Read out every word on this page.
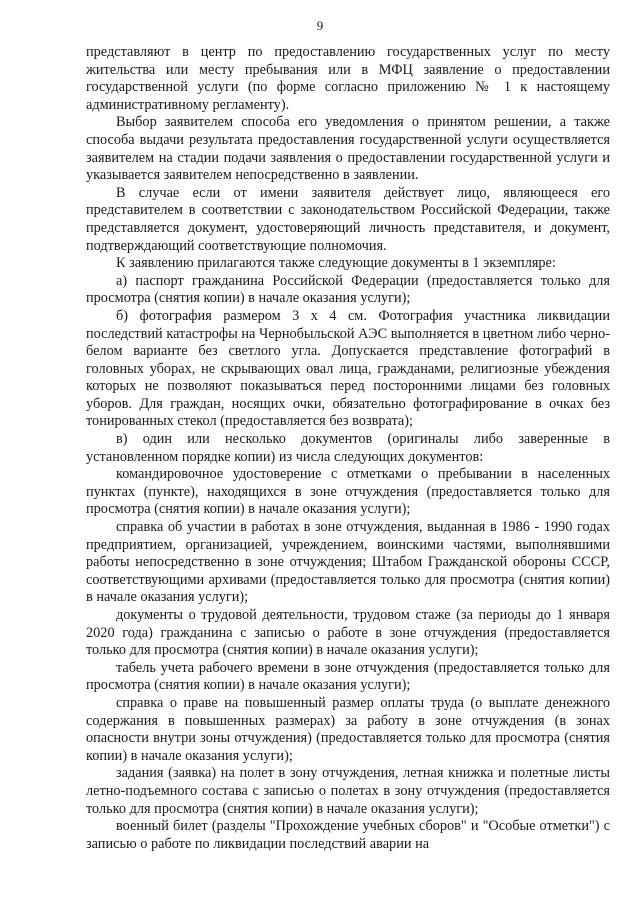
9

представляют в центр по предоставлению государственных услуг по месту жительства или месту пребывания или в МФЦ заявление о предоставлении государственной услуги (по форме согласно приложению № 1 к настоящему административному регламенту).

Выбор заявителем способа его уведомления о принятом решении, а также способа выдачи результата предоставления государственной услуги осуществляется заявителем на стадии подачи заявления о предоставлении государственной услуги и указывается заявителем непосредственно в заявлении.

В случае если от имени заявителя действует лицо, являющееся его представителем в соответствии с законодательством Российской Федерации, также представляется документ, удостоверяющий личность представителя, и документ, подтверждающий соответствующие полномочия.

К заявлению прилагаются также следующие документы в 1 экземпляре:

а) паспорт гражданина Российской Федерации (предоставляется только для просмотра (снятия копии) в начале оказания услуги);

б) фотография размером 3 х 4 см. Фотография участника ликвидации последствий катастрофы на Чернобыльской АЭС выполняется в цветном либо черно-белом варианте без светлого угла. Допускается представление фотографий в головных уборах, не скрывающих овал лица, гражданами, религиозные убеждения которых не позволяют показываться перед посторонними лицами без головных уборов. Для граждан, носящих очки, обязательно фотографирование в очках без тонированных стекол (предоставляется без возврата);

в) один или несколько документов (оригиналы либо заверенные в установленном порядке копии) из числа следующих документов:

командировочное удостоверение с отметками о пребывании в населенных пунктах (пункте), находящихся в зоне отчуждения (предоставляется только для просмотра (снятия копии) в начале оказания услуги);

справка об участии в работах в зоне отчуждения, выданная в 1986 - 1990 годах предприятием, организацией, учреждением, воинскими частями, выполнявшими работы непосредственно в зоне отчуждения; Штабом Гражданской обороны СССР, соответствующими архивами (предоставляется только для просмотра (снятия копии) в начале оказания услуги);

документы о трудовой деятельности, трудовом стаже (за периоды до 1 января 2020 года) гражданина с записью о работе в зоне отчуждения (предоставляется только для просмотра (снятия копии) в начале оказания услуги);

табель учета рабочего времени в зоне отчуждения (предоставляется только для просмотра (снятия копии) в начале оказания услуги);

справка о праве на повышенный размер оплаты труда (о выплате денежного содержания в повышенных размерах) за работу в зоне отчуждения (в зонах опасности внутри зоны отчуждения) (предоставляется только для просмотра (снятия копии) в начале оказания услуги);

задания (заявка) на полет в зону отчуждения, летная книжка и полетные листы летно-подъемного состава с записью о полетах в зону отчуждения (предоставляется только для просмотра (снятия копии) в начале оказания услуги);

военный билет (разделы "Прохождение учебных сборов" и "Особые отметки") с записью о работе по ликвидации последствий аварии на
